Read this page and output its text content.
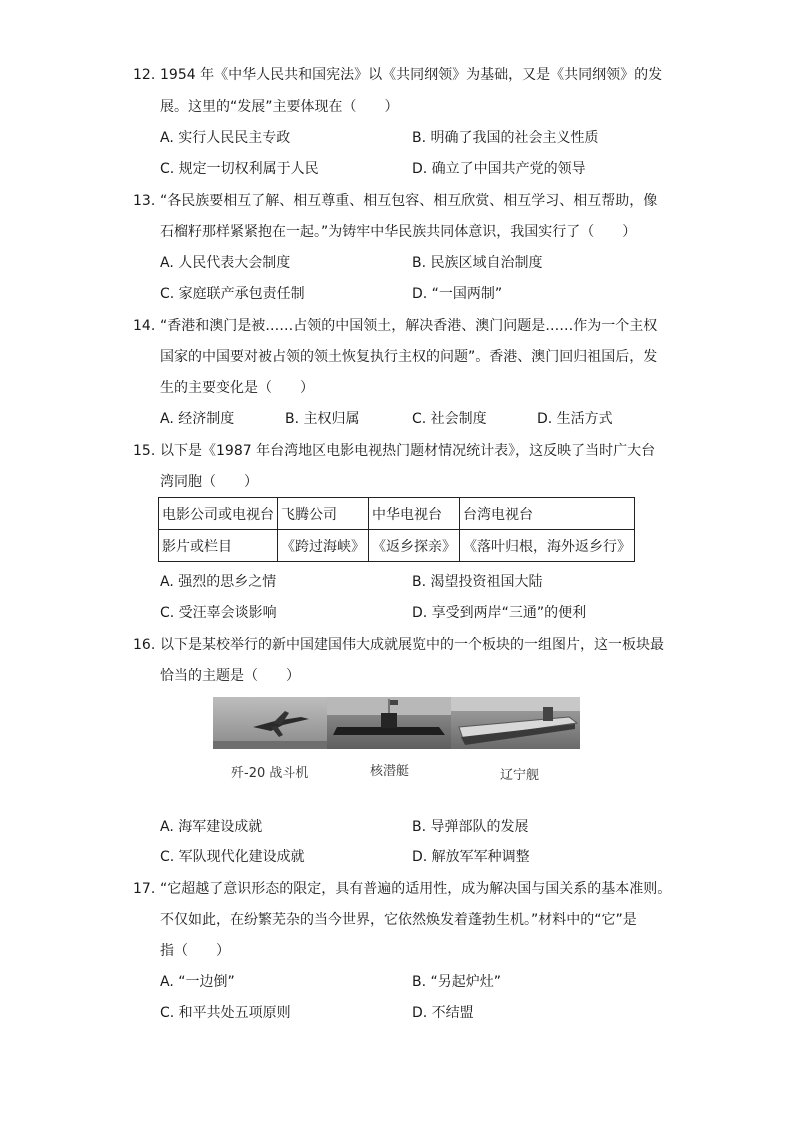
12. 1954 年《中华人民共和国宪法》以《共同纲领》为基础，又是《共同纲领》的发
展。这里的“发展”主要体现在（　　）
A. 实行人民民主专政	B. 明确了我国的社会主义性质
C. 规定一切权利属于人民	D. 确立了中国共产党的领导
13. “各民族要相互了解、相互尊重、相互包容、相互欣赏、相互学习、相互帮助，像
石榴籽那样紧紧抱在一起。”为铸牢中华民族共同体意识，我国实行了（　　）
A. 人民代表大会制度	B. 民族区域自治制度
C. 家庭联产承包责任制	D. “一国两制”
14. “香港和澳门是被……占领的中国领土，解决香港、澳门问题是……作为一个主权
国家的中国要对被占领的领土恢复执行主权的问题”。香港、澳门回归祖国后，发
生的主要变化是（　　）
A. 经济制度	B. 主权归属	C. 社会制度	D. 生活方式
15. 以下是《1987 年台湾地区电影电视热门题材情况统计表》，这反映了当时广大台
湾同胞（　　）
电影公司或电视台	飞腾公司	中华电视台	台湾电视台
影片或栏目	《跨过海峡》	《返乡探亲》	《落叶归根，海外返乡行》
A. 强烈的思乡之情	B. 渴望投资祖国大陆
C. 受汪辜会谈影响	D. 享受到两岸“三通”的便利
16. 以下是某校举行的新中国建国伟大成就展览中的一个板块的一组图片，这一板块最
恰当的主题是（　　）
歼-20 战斗机	核潜艇	辽宁舰
A. 海军建设成就	B. 导弹部队的发展
C. 军队现代化建设成就	D. 解放军军种调整
17. “它超越了意识形态的限定，具有普遍的适用性，成为解决国与国关系的基本准则。
不仅如此，在纷繁芜杂的当今世界，它依然焕发着蓬勃生机。”材料中的“它”是
指（　　）
A. “一边倒”	B. “另起炉灶”
C. 和平共处五项原则	D. 不结盟
